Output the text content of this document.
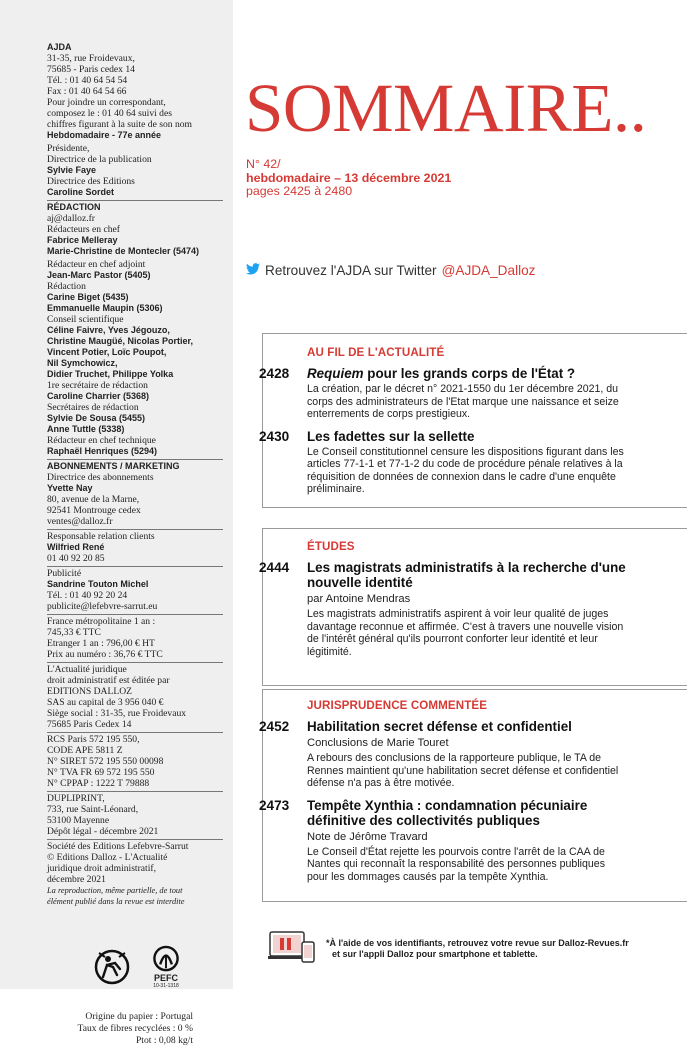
AJDA
31-35, rue Froidevaux,
75685 - Paris cedex 14
Tél. : 01 40 64 54 54
Fax : 01 40 64 54 66
Pour joindre un correspondant,
composez le : 01 40 64 suivi des
chiffres figurant à la suite de son nom
Hebdomadaire - 77e année
Présidente,
Directrice de la publication
Sylvie Faye
Directrice des Editions
Caroline Sordet
RÉDACTION
aj@dalloz.fr
Rédacteurs en chef
Fabrice Melleray
Marie-Christine de Montecler (5474)
Rédacteur en chef adjoint
Jean-Marc Pastor (5405)
Rédaction
Carine Biget (5435)
Emmanuelle Maupin (5306)
Conseil scientifique
Céline Faivre, Yves Jégouzo,
Christine Maugüé, Nicolas Portier,
Vincent Potier, Loïc Poupot,
Nil Symchowicz,
Didier Truchet, Philippe Yolka
1re secrétaire de rédaction
Caroline Charrier (5368)
Secrétaires de rédaction
Sylvie De Sousa (5455)
Anne Tuttle (5338)
Rédacteur en chef technique
Raphaël Henriques (5294)
ABONNEMENTS / MARKETING
Directrice des abonnements
Yvette Nay
80, avenue de la Marne,
92541 Montrouge cedex
ventes@dalloz.fr
Responsable relation clients
Wilfried René
01 40 92 20 85
Publicité
Sandrine Touton Michel
Tél. : 01 40 92 20 24
publicite@lefebvre-sarrut.eu
France métropolitaine 1 an :
745,33 € TTC
Etranger 1 an : 796,00 € HT
Prix au numéro : 36,76 € TTC
L'Actualité juridique
droit administratif est éditée par
EDITIONS DALLOZ
SAS au capital de 3 956 040 €
Siège social : 31-35, rue Froidevaux
75685 Paris Cedex 14
RCS Paris 572 195 550,
CODE APE 5811 Z
N° SIRET 572 195 550 00098
N° TVA FR 69 572 195 550
N° CPPAP : 1222 T 79888
DUPLIPRINT,
733, rue Saint-Léonard,
53100 Mayenne
Dépôt légal - décembre 2021
Société des Editions Lefebvre-Sarrut
© Editions Dalloz - L'Actualité
juridique droit administratif,
décembre 2021
La reproduction, même partielle, de tout
élément publié dans la revue est interdite
PEFC
10-31-1318
Origine du papier : Portugal
Taux de fibres recyclées : 0 %
Ptot : 0,08 kg/t
SOMMAIRE..
N° 42/
hebdomadaire – 13 décembre 2021
pages 2425 à 2480
Retrouvez l'AJDA sur Twitter @AJDA_Dalloz
AU FIL DE L'ACTUALITÉ
2428	Requiem pour les grands corps de l'État ?
La création, par le décret n° 2021-1550 du 1er décembre 2021, du corps des administrateurs de l'Etat marque une naissance et seize enterrements de corps prestigieux.
2430	Les fadettes sur la sellette
Le Conseil constitutionnel censure les dispositions figurant dans les articles 77-1-1 et 77-1-2 du code de procédure pénale relatives à la réquisition de données de connexion dans le cadre d'une enquête préliminaire.
ÉTUDES
2444	Les magistrats administratifs à la recherche d'une nouvelle identité
par Antoine Mendras
Les magistrats administratifs aspirent à voir leur qualité de juges davantage reconnue et affirmée. C'est à travers une nouvelle vision de l'intérêt général qu'ils pourront conforter leur identité et leur légitimité.
JURISPRUDENCE COMMENTÉE
2452	Habilitation secret défense et confidentiel
Conclusions de Marie Touret
A rebours des conclusions de la rapporteure publique, le TA de Rennes maintient qu'une habilitation secret défense et confidentiel défense n'a pas à être motivée.
2473	Tempête Xynthia : condamnation pécuniaire définitive des collectivités publiques
Note de Jérôme Travard
Le Conseil d'État rejette les pourvois contre l'arrêt de la CAA de Nantes qui reconnaît la responsabilité des personnes publiques pour les dommages causés par la tempête Xynthia.
*À l'aide de vos identifiants, retrouvez votre revue sur Dalloz-Revues.fr
et sur l'appli Dalloz pour smartphone et tablette.
